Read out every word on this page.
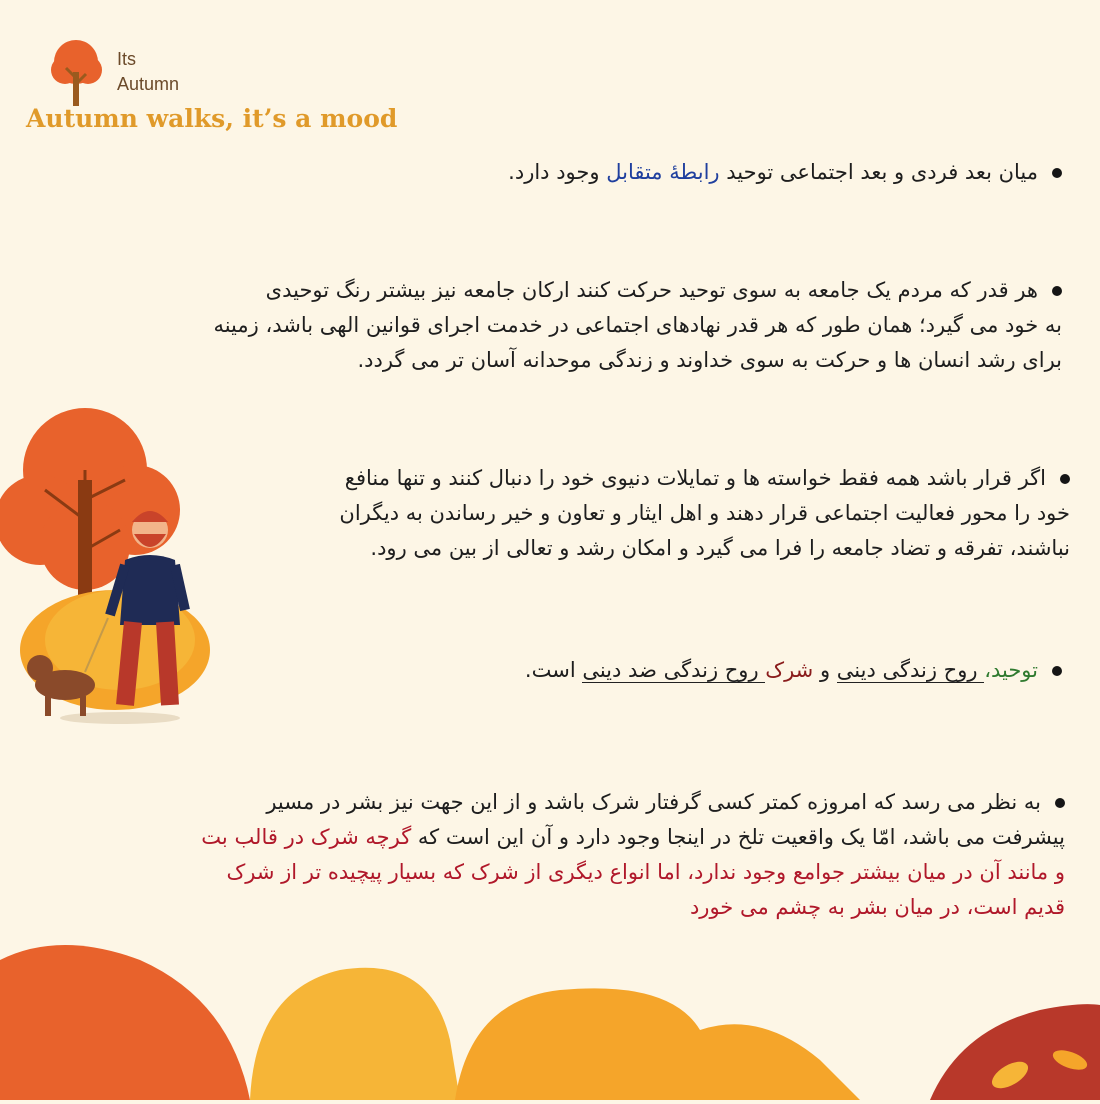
Its
Autumn
Autumn walks, it’s a mood
میان بعد فردی و بعد اجتماعی توحید رابطهٔ متقابل وجود دارد.
هر قدر که مردم یک جامعه به سوی توحید حرکت کنند ارکان جامعه نیز بیشتر رنگ توحیدی
به خود می گیرد؛ همان طور که هر قدر نهادهای اجتماعی در خدمت اجرای قوانین الهی باشد، زمینه
برای رشد انسان ها و حرکت به سوی خداوند و زندگی موحدانه آسان تر می گردد.
اگر قرار باشد همه فقط خواسته ها و تمایلات دنیوی خود را دنبال کنند و تنها منافع
خود را محور فعالیت اجتماعی قرار دهند و اهل ایثار و تعاون و خیر رساندن به دیگران
نباشند، تفرقه و تضاد جامعه را فرا می گیرد و امکان رشد و تعالی از بین می رود.
توحید، روح زندگی دینی و شرک روح زندگی ضد دینی است.
به نظر می رسد که امروزه کمتر کسی گرفتار شرک باشد و از این جهت نیز بشر در مسیر
پیشرفت می باشد، امّا یک واقعیت تلخ در اینجا وجود دارد و آن این است که گرچه شرک در قالب بت
و مانند آن در میان بیشتر جوامع وجود ندارد، اما انواع دیگری از شرک که بسیار پیچیده تر از شرک
قدیم است، در میان بشر به چشم می خورد
